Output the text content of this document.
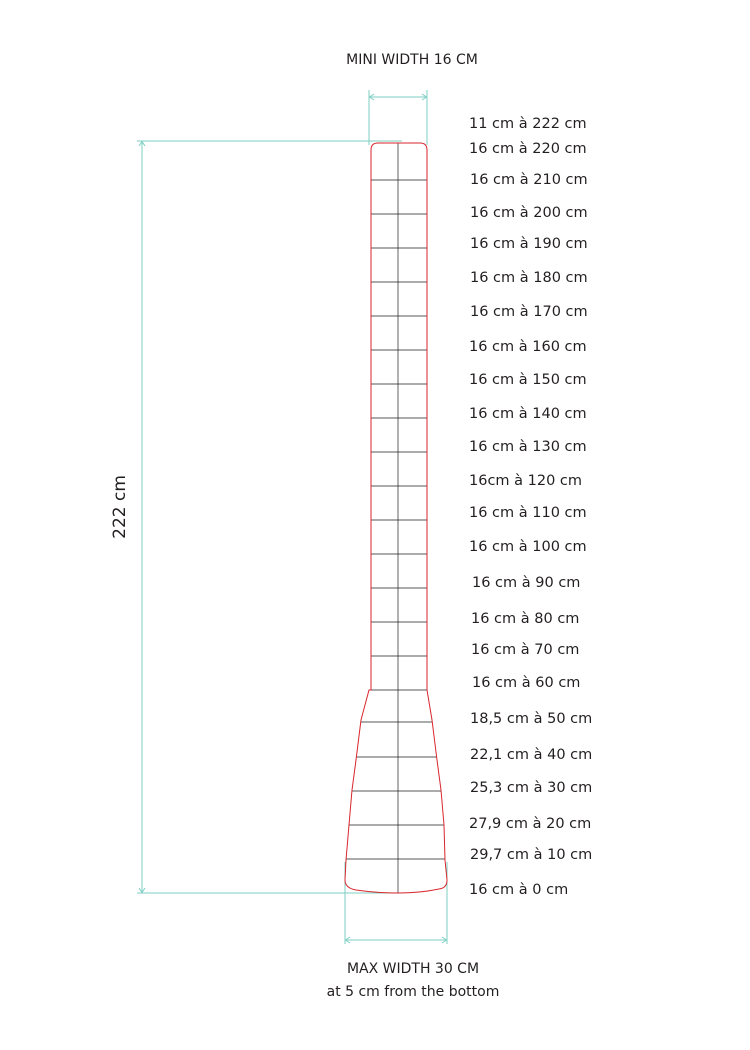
MINI WIDTH 16 CM
222 cm
11 cm à 222 cm
16 cm à 220 cm
16 cm à 210 cm
16 cm à 200 cm
16 cm à 190 cm
16 cm à 180 cm
16 cm à 170 cm
16 cm à 160 cm
16 cm à 150 cm
16 cm à 140 cm
16 cm à 130 cm
16cm à 120 cm
16 cm à 110 cm
16 cm à 100 cm
16 cm à 90 cm
16 cm à 80 cm
16 cm à 70 cm
16 cm à 60 cm
18,5 cm à 50 cm
22,1 cm à 40 cm
25,3 cm à 30 cm
27,9 cm à 20 cm
29,7 cm à 10 cm
16 cm à 0 cm
MAX WIDTH 30 CM
at 5 cm from the bottom
